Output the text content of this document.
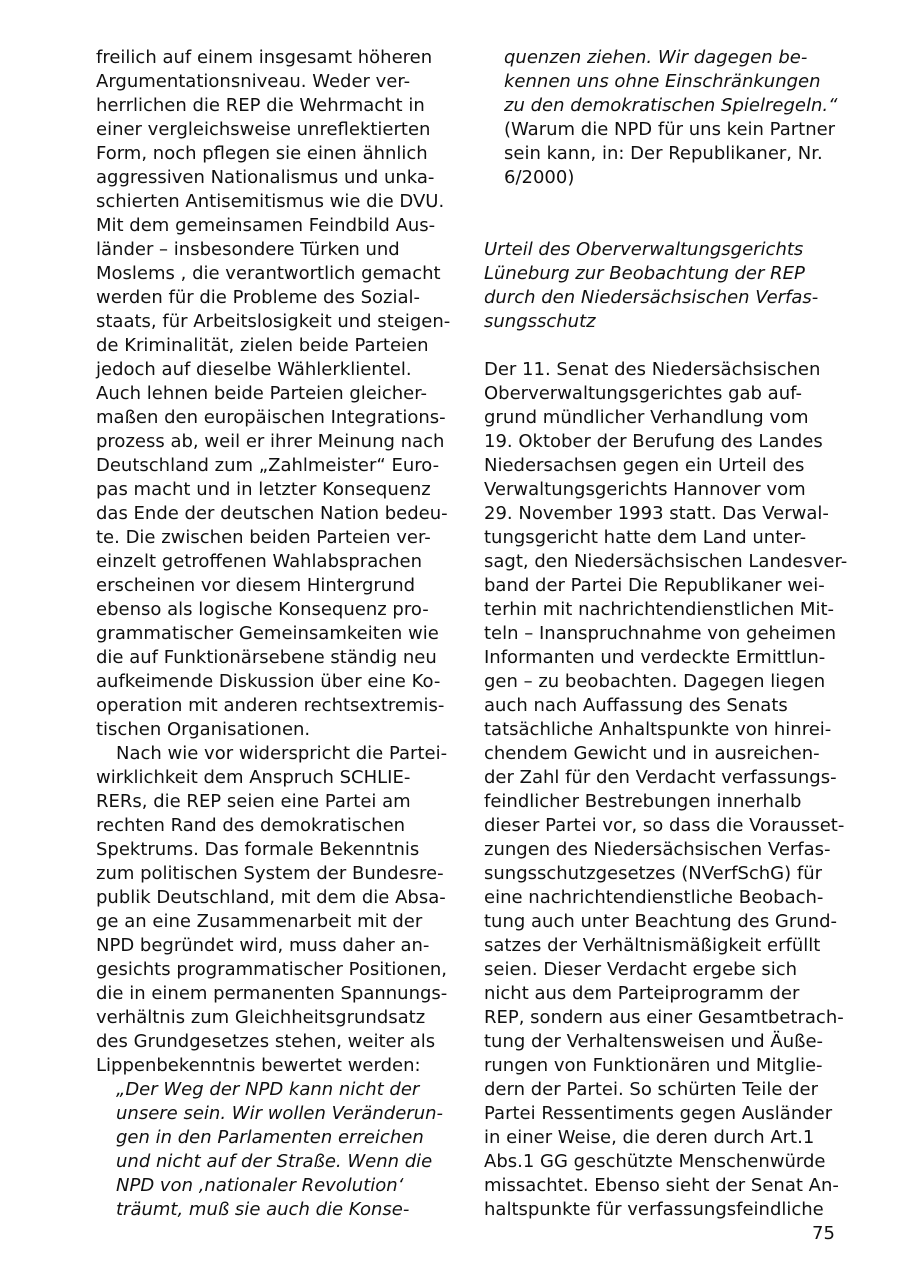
freilich auf einem insgesamt höheren
Argumentationsniveau. Weder ver-
herrlichen die REP die Wehrmacht in
einer vergleichsweise unreflektierten
Form, noch pflegen sie einen ähnlich
aggressiven Nationalismus und unka-
schierten Antisemitismus wie die DVU.
Mit dem gemeinsamen Feindbild Aus-
länder – insbesondere Türken und
Moslems , die verantwortlich gemacht
werden für die Probleme des Sozial-
staats, für Arbeitslosigkeit und steigen-
de Kriminalität, zielen beide Parteien
jedoch auf dieselbe Wählerklientel.
Auch lehnen beide Parteien gleicher-
maßen den europäischen Integrations-
prozess ab, weil er ihrer Meinung nach
Deutschland zum „Zahlmeister“ Euro-
pas macht und in letzter Konsequenz
das Ende der deutschen Nation bedeu-
te. Die zwischen beiden Parteien ver-
einzelt getroffenen Wahlabsprachen
erscheinen vor diesem Hintergrund
ebenso als logische Konsequenz pro-
grammatischer Gemeinsamkeiten wie
die auf Funktionärsebene ständig neu
aufkeimende Diskussion über eine Ko-
operation mit anderen rechtsextremis-
tischen Organisationen.
Nach wie vor widerspricht die Partei-
wirklichkeit dem Anspruch SCHLIE-
RERs, die REP seien eine Partei am
rechten Rand des demokratischen
Spektrums. Das formale Bekenntnis
zum politischen System der Bundesre-
publik Deutschland, mit dem die Absa-
ge an eine Zusammenarbeit mit der
NPD begründet wird, muss daher an-
gesichts programmatischer Positionen,
die in einem permanenten Spannungs-
verhältnis zum Gleichheitsgrundsatz
des Grundgesetzes stehen, weiter als
Lippenbekenntnis bewertet werden:
„Der Weg der NPD kann nicht der
unsere sein. Wir wollen Veränderun-
gen in den Parlamenten erreichen
und nicht auf der Straße. Wenn die
NPD von ‚nationaler Revolution‘
träumt, muß sie auch die Konse-
quenzen ziehen. Wir dagegen be-
kennen uns ohne Einschränkungen
zu den demokratischen Spielregeln.“
(Warum die NPD für uns kein Partner
sein kann, in: Der Republikaner, Nr.
6/2000)
Urteil des Oberverwaltungsgerichts
Lüneburg zur Beobachtung der REP
durch den Niedersächsischen Verfas-
sungsschutz
Der 11. Senat des Niedersächsischen
Oberverwaltungsgerichtes gab auf-
grund mündlicher Verhandlung vom
19. Oktober der Berufung des Landes
Niedersachsen gegen ein Urteil des
Verwaltungsgerichts Hannover vom
29. November 1993 statt. Das Verwal-
tungsgericht hatte dem Land unter-
sagt, den Niedersächsischen Landesver-
band der Partei Die Republikaner wei-
terhin mit nachrichtendienstlichen Mit-
teln – Inanspruchnahme von geheimen
Informanten und verdeckte Ermittlun-
gen – zu beobachten. Dagegen liegen
auch nach Auffassung des Senats
tatsächliche Anhaltspunkte von hinrei-
chendem Gewicht und in ausreichen-
der Zahl für den Verdacht verfassungs-
feindlicher Bestrebungen innerhalb
dieser Partei vor, so dass die Vorausset-
zungen des Niedersächsischen Verfas-
sungsschutzgesetzes (NVerfSchG) für
eine nachrichtendienstliche Beobach-
tung auch unter Beachtung des Grund-
satzes der Verhältnismäßigkeit erfüllt
seien. Dieser Verdacht ergebe sich
nicht aus dem Parteiprogramm der
REP, sondern aus einer Gesamtbetrach-
tung der Verhaltensweisen und Äuße-
rungen von Funktionären und Mitglie-
dern der Partei. So schürten Teile der
Partei Ressentiments gegen Ausländer
in einer Weise, die deren durch Art.1
Abs.1 GG geschützte Menschenwürde
missachtet. Ebenso sieht der Senat An-
haltspunkte für verfassungsfeindliche
75
